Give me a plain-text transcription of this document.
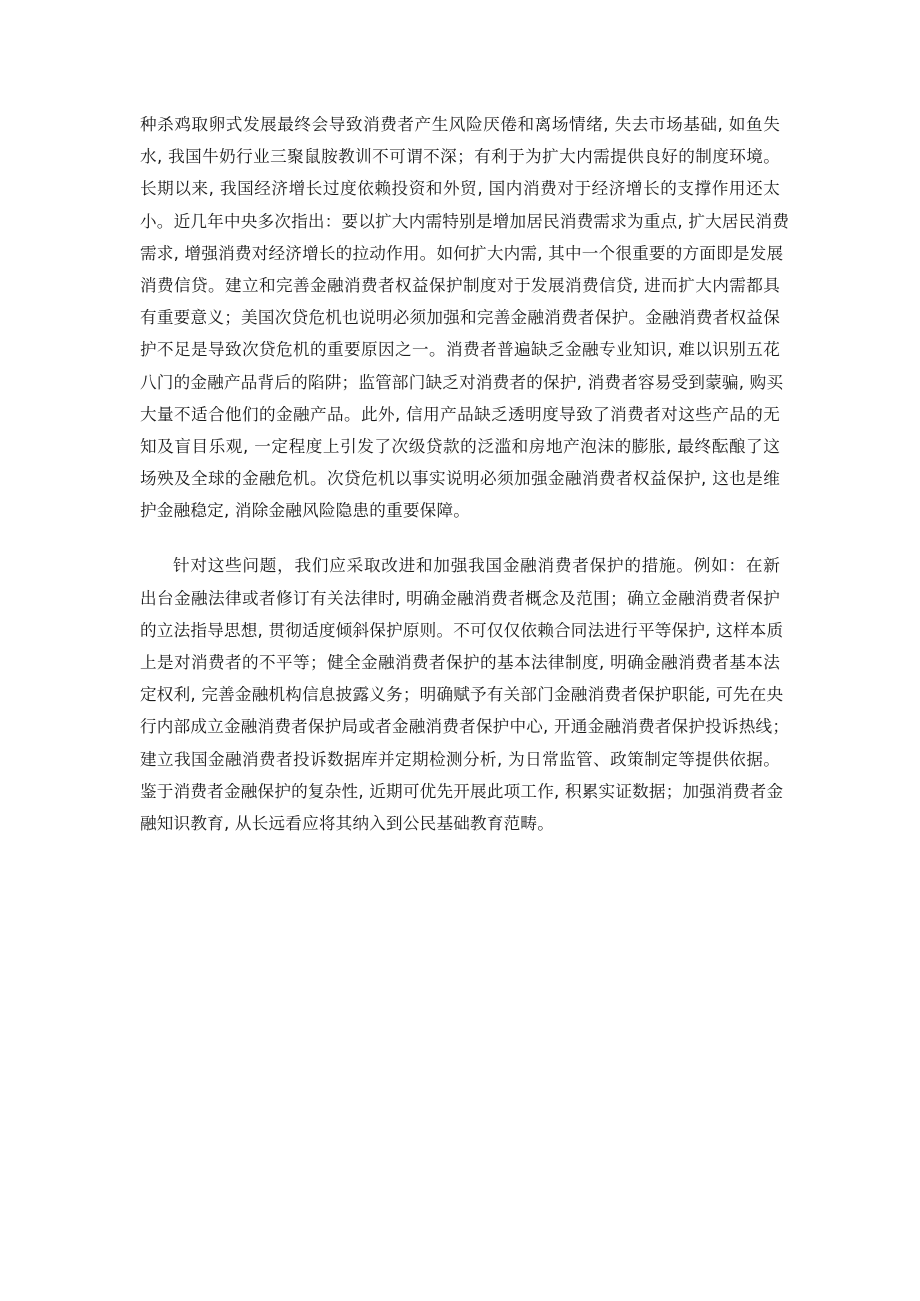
种杀鸡取卵式发展最终会导致消费者产生风险厌倦和离场情绪, 失去市场基础, 如鱼失
水, 我国牛奶行业三聚鼠胺教训不可谓不深；有利于为扩大内需提供良好的制度环境。
长期以来, 我国经济增长过度依赖投资和外贸, 国内消费对于经济增长的支撑作用还太
小。近几年中央多次指出：要以扩大内需特别是增加居民消费需求为重点, 扩大居民消费
需求, 增强消费对经济增长的拉动作用。如何扩大内需, 其中一个很重要的方面即是发展
消费信贷。建立和完善金融消费者权益保护制度对于发展消费信贷, 进而扩大内需都具
有重要意义；美国次贷危机也说明必须加强和完善金融消费者保护。金融消费者权益保
护不足是导致次贷危机的重要原因之一。消费者普遍缺乏金融专业知识, 难以识别五花
八门的金融产品背后的陷阱；监管部门缺乏对消费者的保护, 消费者容易受到蒙骗, 购买
大量不适合他们的金融产品。此外, 信用产品缺乏透明度导致了消费者对这些产品的无
知及盲目乐观, 一定程度上引发了次级贷款的泛滥和房地产泡沫的膨胀, 最终酝酿了这
场殃及全球的金融危机。次贷危机以事实说明必须加强金融消费者权益保护, 这也是维
护金融稳定, 消除金融风险隐患的重要保障。
针对这些问题，我们应采取改进和加强我国金融消费者保护的措施。例如：在新
出台金融法律或者修订有关法律时, 明确金融消费者概念及范围；确立金融消费者保护
的立法指导思想, 贯彻适度倾斜保护原则。不可仅仅依赖合同法进行平等保护, 这样本质
上是对消费者的不平等；健全金融消费者保护的基本法律制度, 明确金融消费者基本法
定权利, 完善金融机构信息披露义务；明确赋予有关部门金融消费者保护职能, 可先在央
行内部成立金融消费者保护局或者金融消费者保护中心, 开通金融消费者保护投诉热线；
建立我国金融消费者投诉数据库并定期检测分析, 为日常监管、政策制定等提供依据。
鉴于消费者金融保护的复杂性, 近期可优先开展此项工作, 积累实证数据；加强消费者金
融知识教育, 从长远看应将其纳入到公民基础教育范畴。
